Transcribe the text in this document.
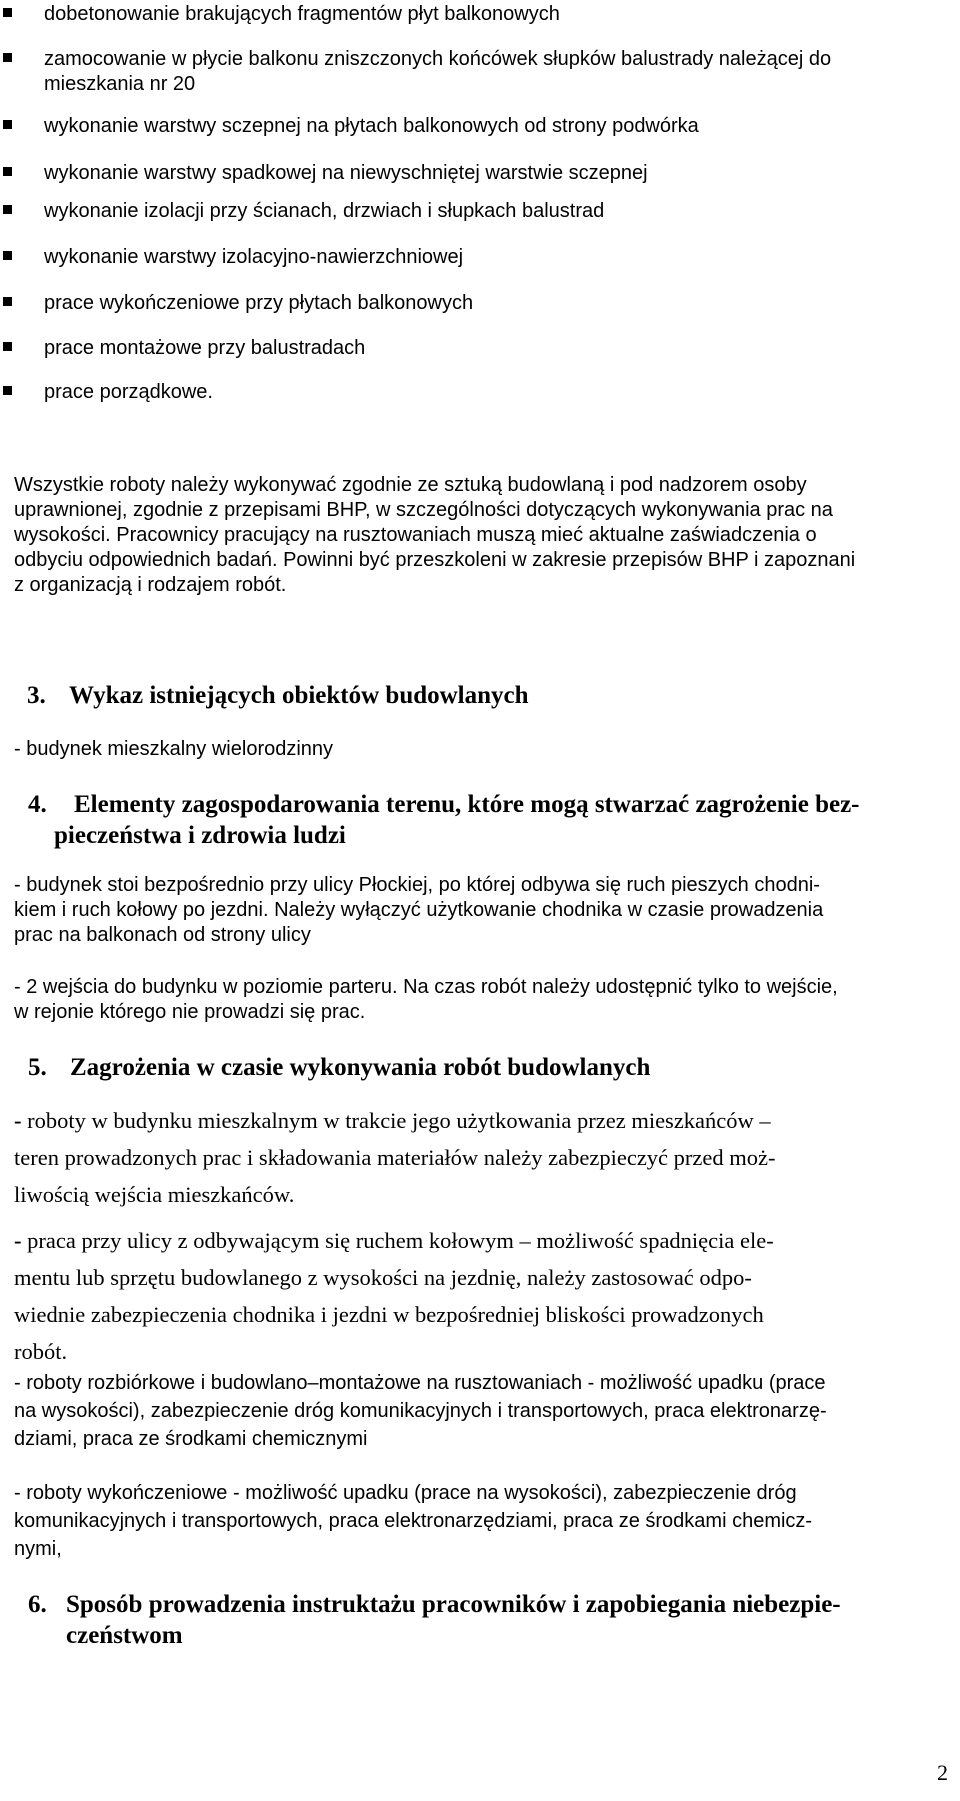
dobetonowanie brakujących fragmentów płyt balkonowych
zamocowanie w płycie balkonu zniszczonych końcówek słupków balustrady należącej do
mieszkania nr 20
wykonanie warstwy sczepnej na płytach balkonowych od strony podwórka
wykonanie warstwy spadkowej na niewyschniętej warstwie sczepnej
wykonanie izolacji przy ścianach, drzwiach i słupkach balustrad
wykonanie warstwy izolacyjno-nawierzchniowej
prace wykończeniowe przy płytach balkonowych
prace montażowe przy balustradach
prace porządkowe.
Wszystkie roboty należy wykonywać zgodnie ze sztuką budowlaną i pod nadzorem osoby
uprawnionej, zgodnie z przepisami BHP, w szczególności dotyczących wykonywania prac na
wysokości. Pracownicy pracujący na rusztowaniach muszą mieć aktualne zaświadczenia o
odbyciu odpowiednich badań. Powinni być przeszkoleni w zakresie przepisów BHP i zapoznani
z organizacją i rodzajem robót.
3. Wykaz istniejących obiektów budowlanych
- budynek mieszkalny wielorodzinny
4. Elementy zagospodarowania terenu, które mogą stwarzać zagrożenie bez-
pieczeństwa i zdrowia ludzi
- budynek stoi bezpośrednio przy ulicy Płockiej, po której odbywa się ruch pieszych chodni-
kiem i ruch kołowy po jezdni. Należy wyłączyć użytkowanie chodnika w czasie prowadzenia
prac na balkonach od strony ulicy
- 2 wejścia do budynku w poziomie parteru. Na czas robót należy udostępnić tylko to wejście,
w rejonie którego nie prowadzi się prac.
5. Zagrożenia w czasie wykonywania robót budowlanych
- roboty w budynku mieszkalnym w trakcie jego użytkowania przez mieszkańców –
teren prowadzonych prac i składowania materiałów należy zabezpieczyć przed moż-
liwością wejścia mieszkańców.
- praca przy ulicy z odbywającym się ruchem kołowym – możliwość spadnięcia ele-
mentu lub sprzętu budowlanego z wysokości na jezdnię, należy zastosować odpo-
wiednie zabezpieczenia chodnika i jezdni w bezpośredniej bliskości prowadzonych
robót.
- roboty rozbiórkowe i budowlano–montażowe na rusztowaniach - możliwość upadku (prace
na wysokości), zabezpieczenie dróg komunikacyjnych i transportowych, praca elektronarzę-
dziami, praca ze środkami chemicznymi
- roboty wykończeniowe - możliwość upadku (prace na wysokości), zabezpieczenie dróg
komunikacyjnych i transportowych, praca elektronarzędziami, praca ze środkami chemicz-
nymi,
6. Sposób prowadzenia instruktażu pracowników i zapobiegania niebezpie-
czeństwom
2
